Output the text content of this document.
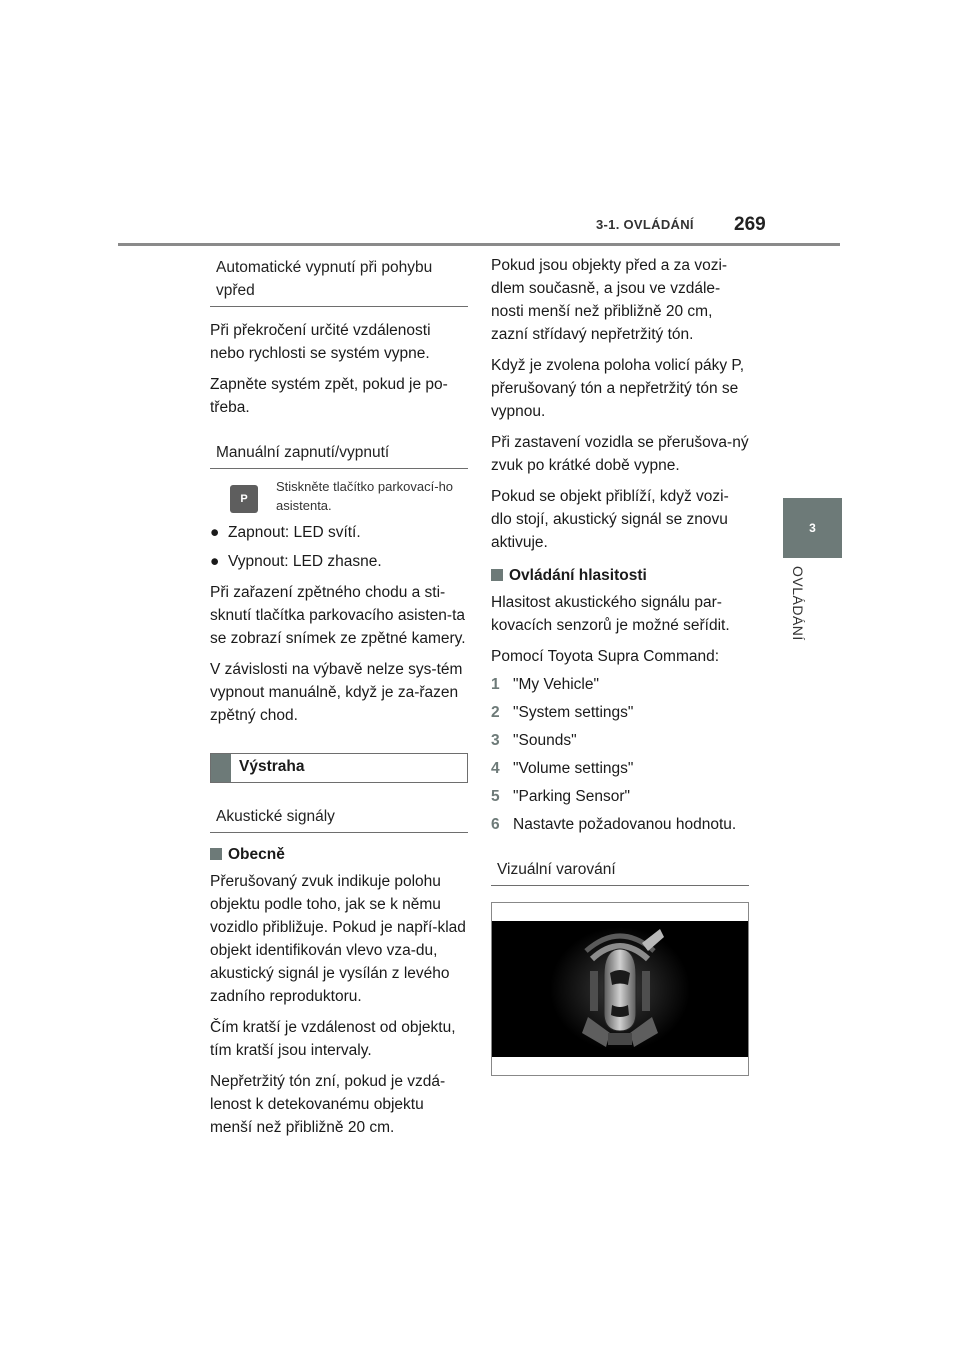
3-1. OVLÁDÁNÍ 269
3
OVLÁDÁNÍ
Automatické vypnutí při pohybu vpřed

Při překročení určité vzdálenosti nebo rychlosti se systém vypne.

Zapněte systém zpět, pokud je po-třeba.

Manuální zapnutí/vypnutí
P
Stiskněte tlačítko parkovací-ho asistenta.
● Zapnout: LED svítí.
● Vypnout: LED zhasne.

Při zařazení zpětného chodu a sti-sknutí tlačítka parkovacího asisten-ta se zobrazí snímek ze zpětné kamery.

V závislosti na výbavě nelze sys-tém vypnout manuálně, když je za-řazen zpětný chod.

Výstraha
Akustické signály
Obecně

Přerušovaný zvuk indikuje polohu objektu podle toho, jak se k němu vozidlo přibližuje. Pokud je napří-klad objekt identifikován vlevo vza-du, akustický signál je vysílán z levého zadního reproduktoru.

Čím kratší je vzdálenost od objektu, tím kratší jsou intervaly.

Nepřetržitý tón zní, pokud je vzdá-lenost k detekovanému objektu menší než přibližně 20 cm.

Pokud jsou objekty před a za vozi-dlem současně, a jsou ve vzdále-nosti menší než přibližně 20 cm, zazní střídavý nepřetržitý tón.

Když je zvolena poloha volicí páky P, přerušovaný tón a nepřetržitý tón se vypnou.

Při zastavení vozidla se přerušova-ný zvuk po krátké době vypne.

Pokud se objekt přiblíží, když vozi-dlo stojí, akustický signál se znovu aktivuje.

Ovládání hlasitosti

Hlasitost akustického signálu par-kovacích senzorů je možné seřídit.

Pomocí Toyota Supra Command:

1 "My Vehicle"
2 "System settings"
3 "Sounds"
4 "Volume settings"
5 "Parking Sensor"
6 Nastavte požadovanou hodnotu.
Vizuální varování
